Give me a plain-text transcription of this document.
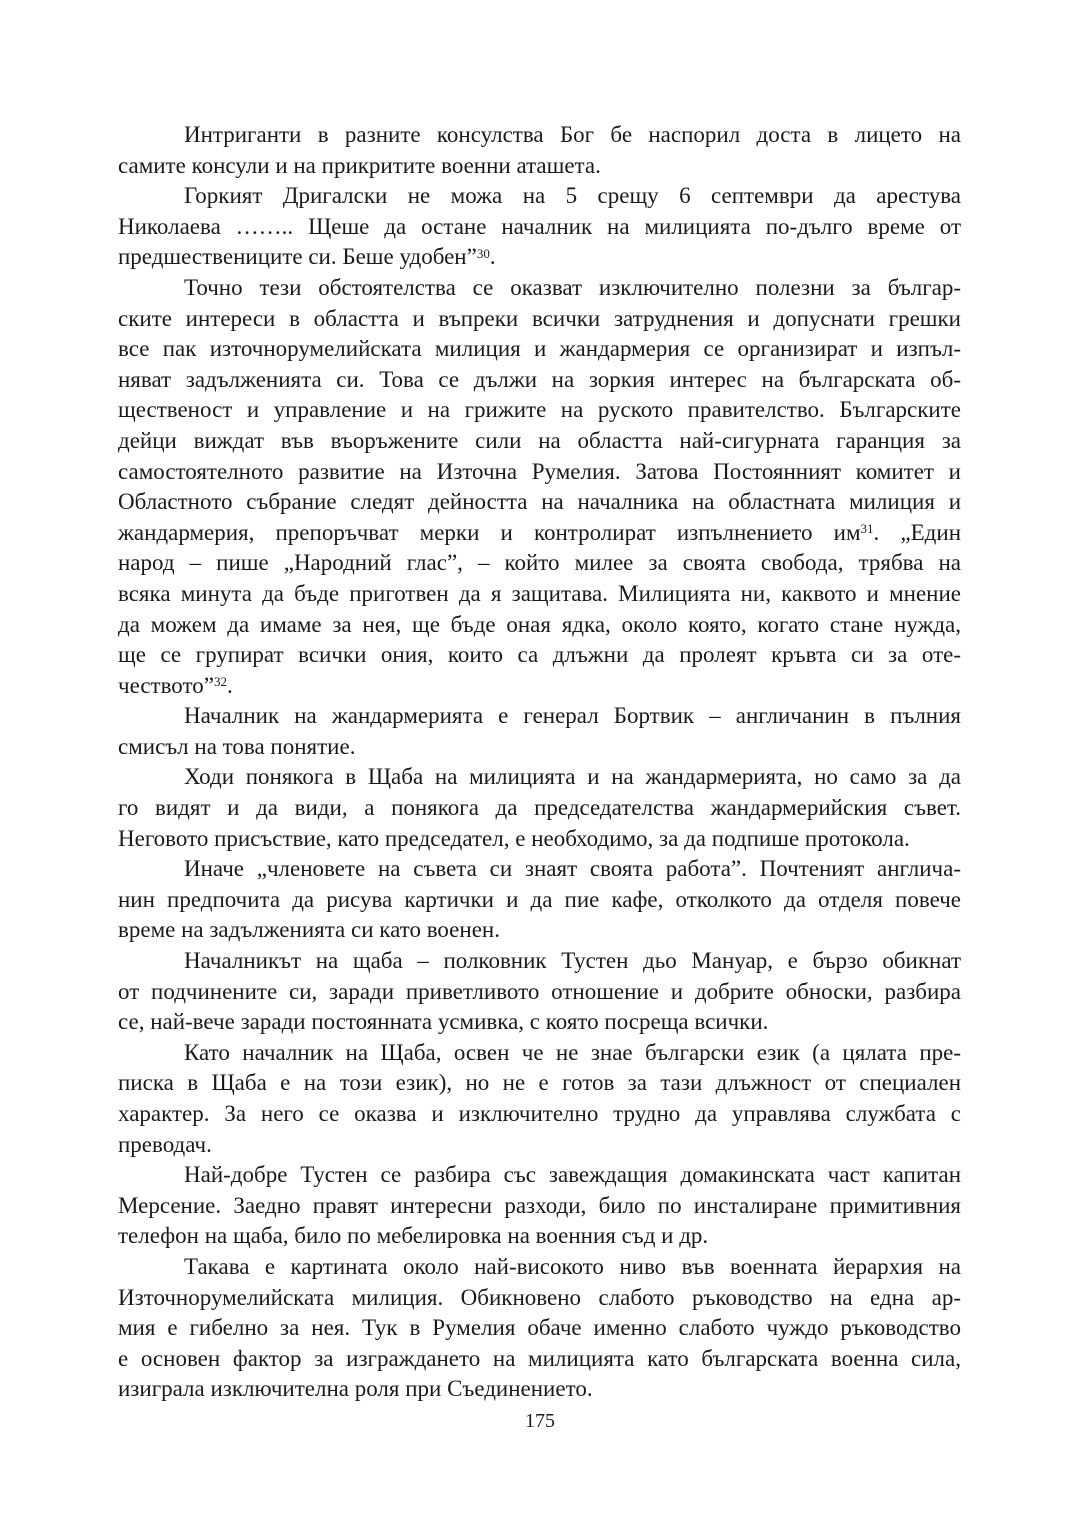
Интриганти в разните консулства Бог бе наспорил доста в лицето на
самите консули и на прикритите военни аташета.
Горкият Дригалски не можа на 5 срещу 6 септември да арестува
Николаева …….. Щеше да остане началник на милицията по-дълго време от
предшествениците си. Беше удобен”$^{30}$.
Точно тези обстоятелства се оказват изключително полезни за българ-
ските интереси в областта и въпреки всички затруднения и допуснати грешки
все пак източнорумелийската милиция и жандармерия се организират и изпъл-
няват задълженията си. Това се дължи на зоркия интерес на българската об-
щественост и управление и на грижите на руското правителство. Българските
дейци виждат във въоръжените сили на областта най-сигурната гаранция за
самостоятелното развитие на Източна Румелия. Затова Постоянният комитет и
Областното събрание следят дейността на началника на областната милиция и
жандармерия, препоръчват мерки и контролират изпълнението $им^{31}$. „Един
народ – пише „Народний глас”, – който милее за своята свобода, трябва на
всяка минута да бъде приготвен да я защитава. Милицията ни, каквото и мнение
да можем да имаме за нея, ще бъде оная ядка, около която, когато стане нужда,
ще се групират всички ония, които са длъжни да пролеят кръвта си за оте-
чеството”$^{32}$.
Началник на жандармерията е генерал Бортвик – англичанин в пълния
смисъл на това понятие.
Ходи понякога в Щаба на милицията и на жандармерията, но само за да
го видят и да види, а понякога да председателства жандармерийския съвет.
Неговото присъствие, като председател, е необходимо, за да подпише протокола.
Иначе „членовете на съвета си знаят своята работа”. Почтеният англича-
нин предпочита да рисува картички и да пие кафе, отколкото да отделя повече
време на задълженията си като военен.
Началникът на щаба – полковник Тустен дьо Мануар, е бързо обикнат
от подчинените си, заради приветливото отношение и добрите обноски, разбира
се, най-вече заради постоянната усмивка, с която посреща всички.
Като началник на Щаба, освен че не знае български език (а цялата пре-
писка в Щаба е на този език), но не е готов за тази длъжност от специален
характер. За него се оказва и изключително трудно да управлява службата с
преводач.
Най-добре Тустен се разбира със завеждащия домакинската част капитан
Мерсение. Заедно правят интересни разходи, било по инсталиране примитивния
телефон на щаба, било по мебелировка на военния съд и др.
Такава е картината около най-високото ниво във военната йерархия на
Източнорумелийската милиция. Обикновено слабото ръководство на една ар-
мия е гибелно за нея. Тук в Румелия обаче именно слабото чуждо ръководство
е основен фактор за изграждането на милицията като българската военна сила,
изиграла изключителна роля при Съединението.
175
